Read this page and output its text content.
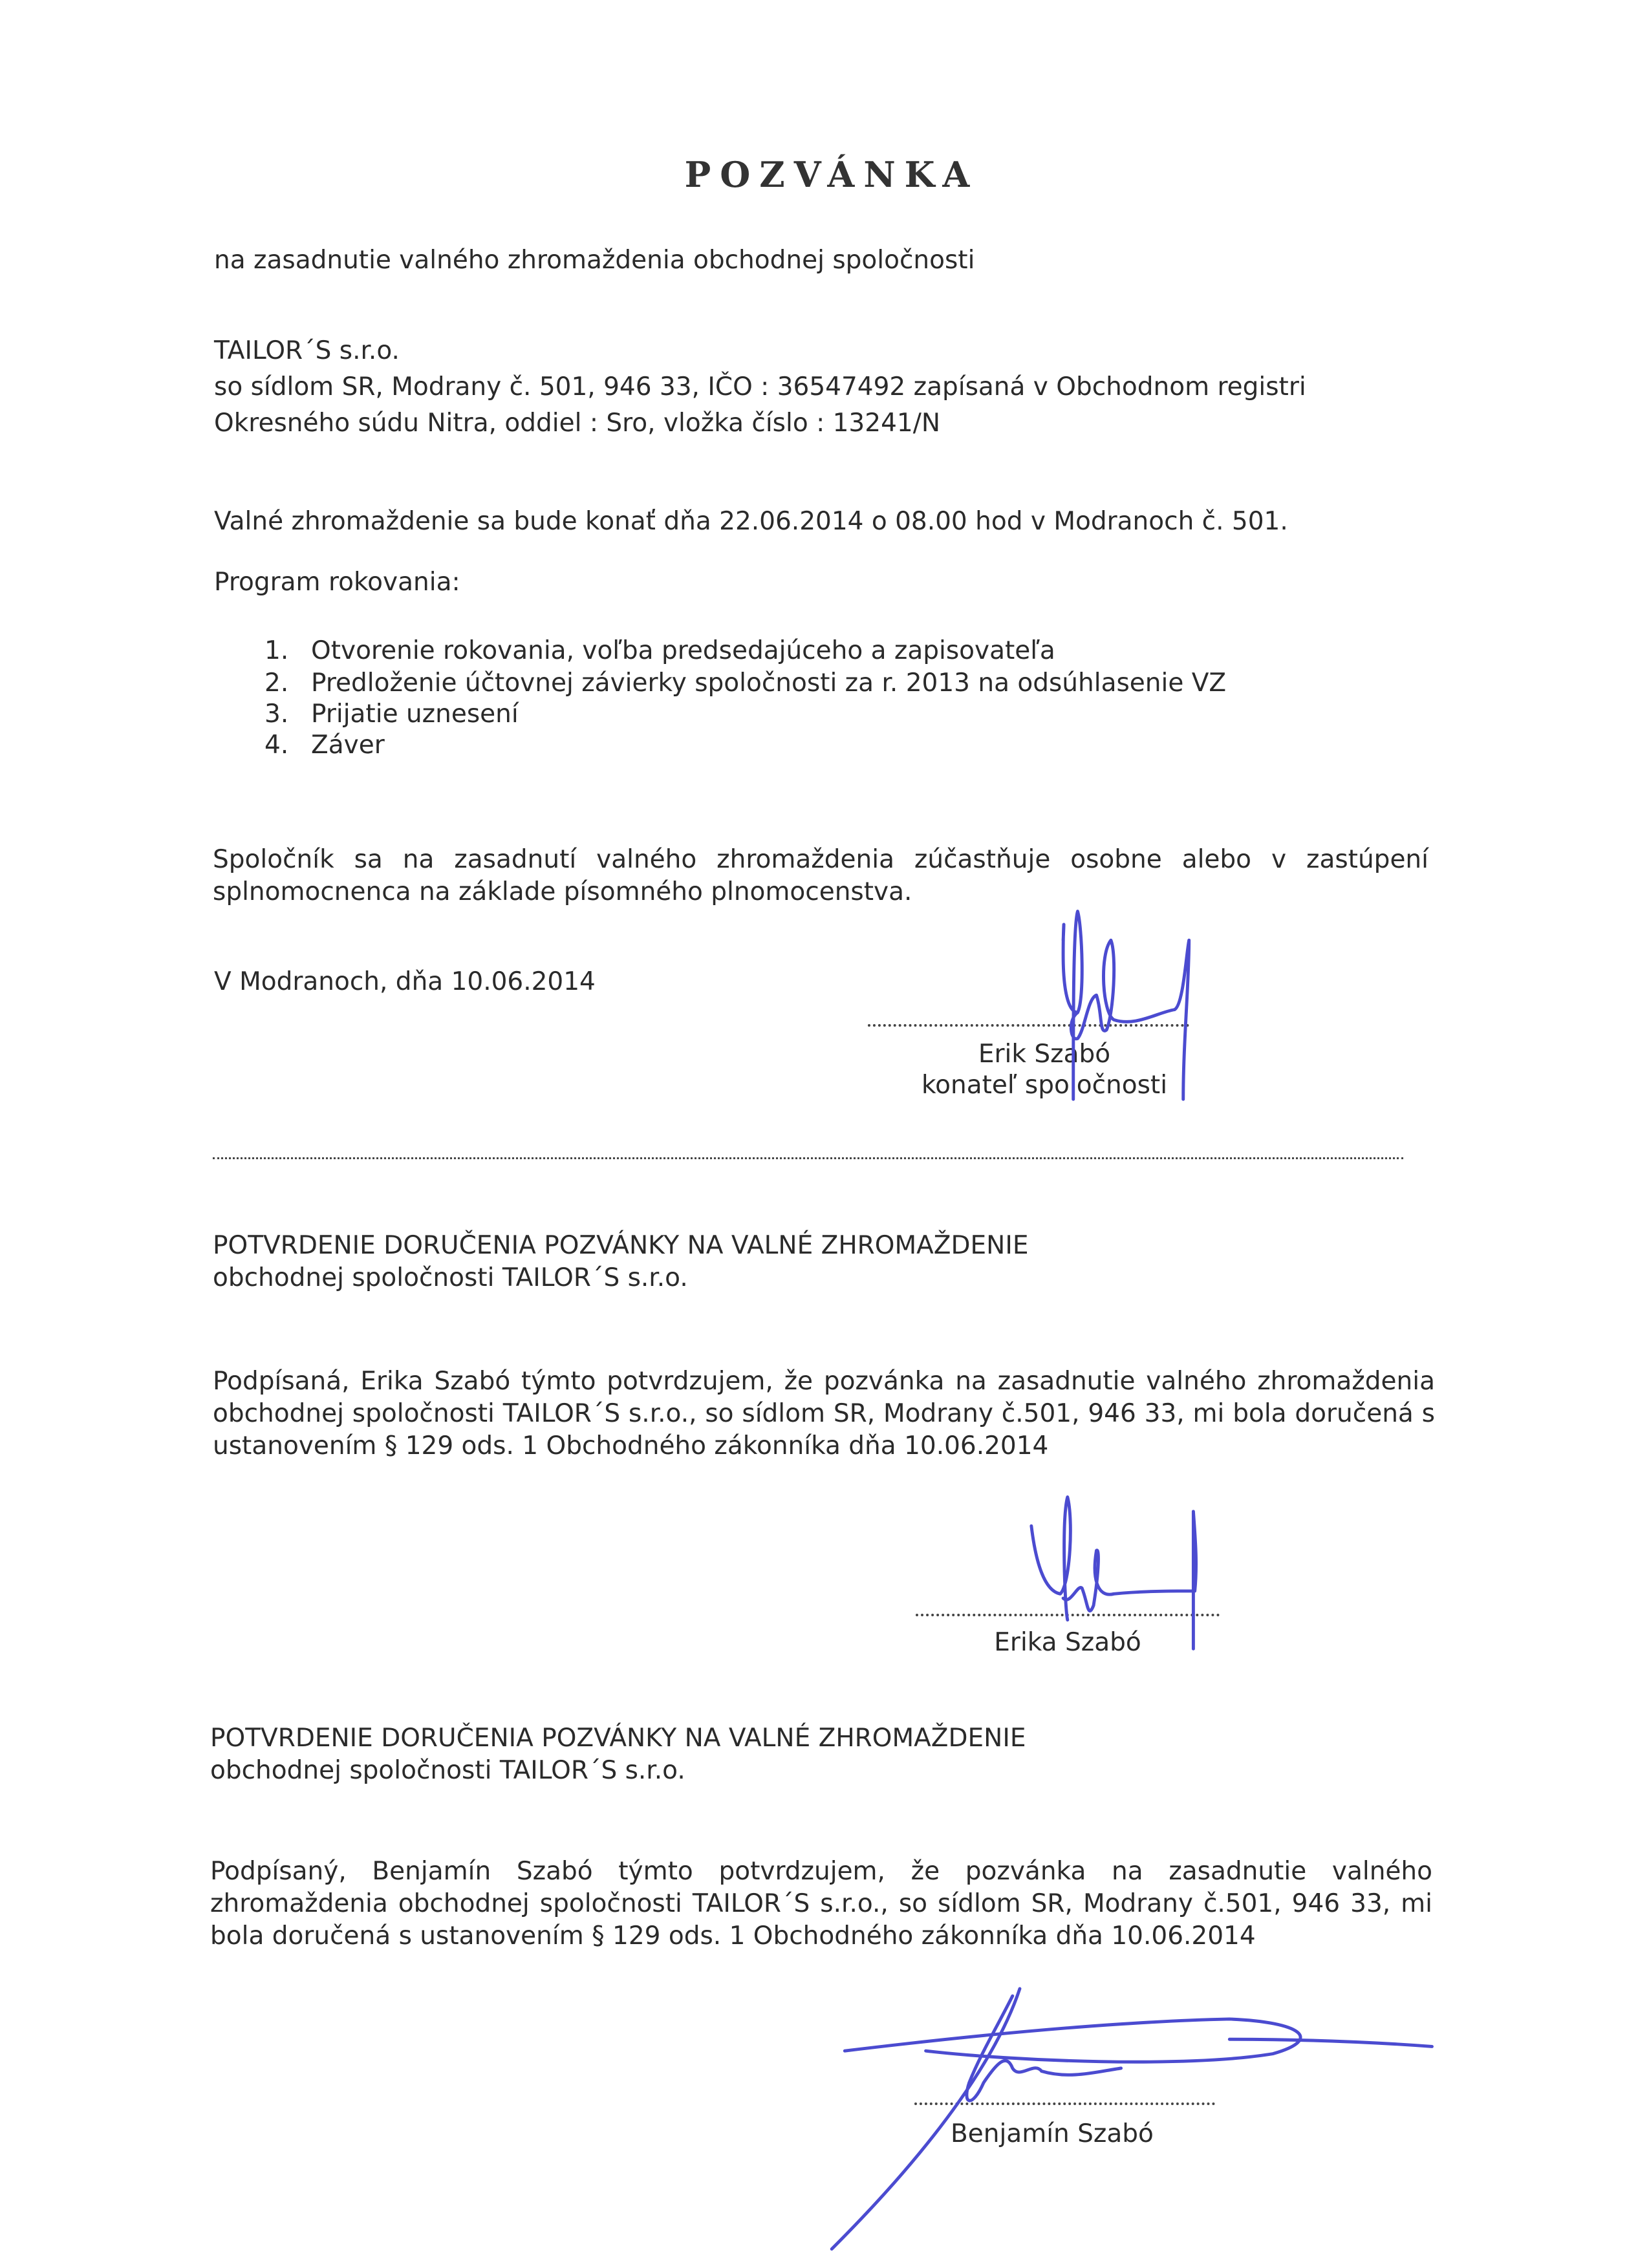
POZVÁNKA
na zasadnutie valného zhromaždenia obchodnej spoločnosti
TAILOR´S s.r.o.
so sídlom SR, Modrany č. 501, 946 33, IČO : 36547492 zapísaná v Obchodnom registri
Okresného súdu Nitra, oddiel : Sro, vložka číslo : 13241/N
Valné zhromaždenie sa bude konať dňa 22.06.2014 o 08.00 hod v Modranoch č. 501.
Program rokovania:
1. Otvorenie rokovania, voľba predsedajúceho a zapisovateľa
2. Predloženie účtovnej závierky spoločnosti za r. 2013 na odsúhlasenie VZ
3. Prijatie uznesení
4. Záver
Spoločník sa na zasadnutí valného zhromaždenia zúčastňuje osobne alebo v zastúpení splnomocnenca na základe písomného plnomocenstva.
V Modranoch, dňa 10.06.2014
Erik Szabó
konateľ spoločnosti
POTVRDENIE DORUČENIA POZVÁNKY NA VALNÉ ZHROMAŽDENIE
obchodnej spoločnosti TAILOR´S s.r.o.
Podpísaná, Erika Szabó týmto potvrdzujem, že pozvánka na zasadnutie valného zhromaždenia obchodnej spoločnosti TAILOR´S s.r.o., so sídlom SR, Modrany č.501, 946 33, mi bola doručená s ustanovením § 129 ods. 1 Obchodného zákonníka dňa 10.06.2014
Erika Szabó
POTVRDENIE DORUČENIA POZVÁNKY NA VALNÉ ZHROMAŽDENIE
obchodnej spoločnosti TAILOR´S s.r.o.
Podpísaný, Benjamín Szabó týmto potvrdzujem, že pozvánka na zasadnutie valného zhromaždenia obchodnej spoločnosti TAILOR´S s.r.o., so sídlom SR, Modrany č.501, 946 33, mi bola doručená s ustanovením § 129 ods. 1 Obchodného zákonníka dňa 10.06.2014
Benjamín Szabó
